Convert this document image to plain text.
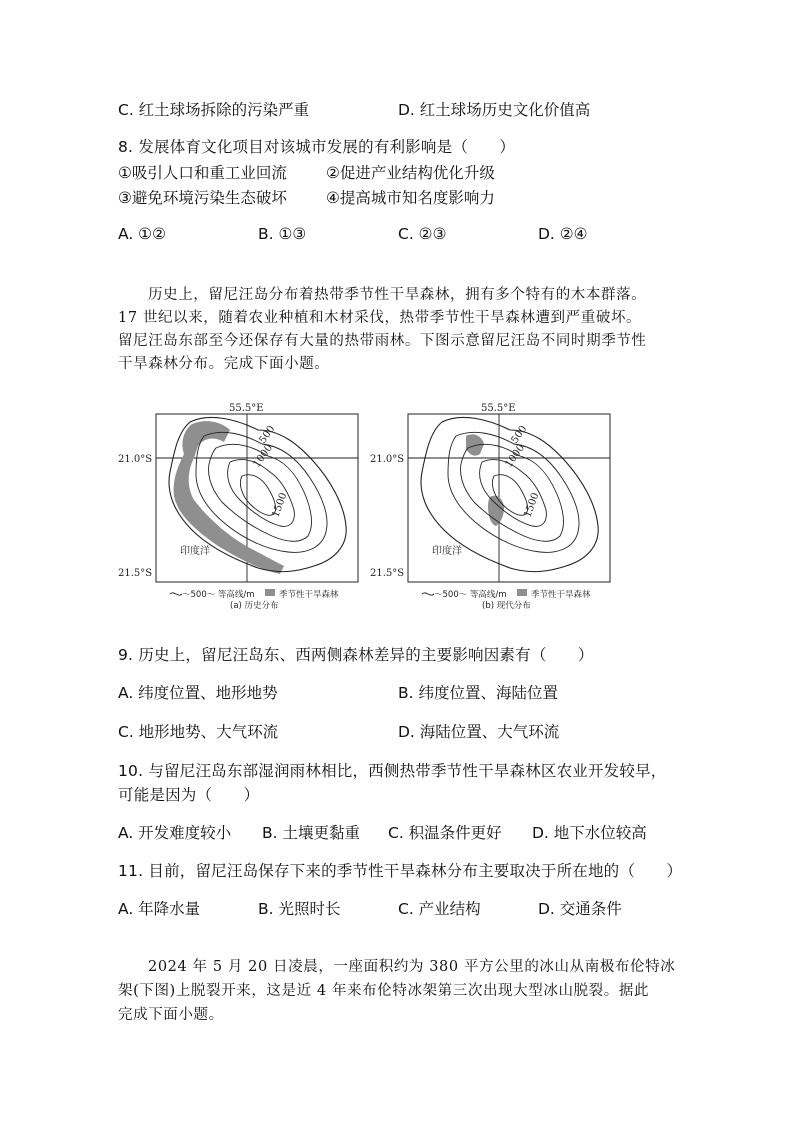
C. 红土球场拆除的污染严重	D. 红土球场历史文化价值高
8. 发展体育文化项目对该城市发展的有利影响是（　　）
①吸引人口和重工业回流	②促进产业结构优化升级
③避免环境污染生态破坏	④提高城市知名度影响力
A. ①②	B. ①③	C. ②③	D. ②④
历史上，留尼汪岛分布着热带季节性干旱森林，拥有多个特有的木本群落。
17 世纪以来，随着农业种植和木材采伐，热带季节性干旱森林遭到严重破坏。
留尼汪岛东部至今还保存有大量的热带雨林。下图示意留尼汪岛不同时期季节性
干旱森林分布。完成下面小题。
55.5°E
21.0°S
21.5°S
500
1000
1500
印度洋
～500～ 等高线/m	季节性干旱森林
(a) 历史分布
55.5°E
21.0°S
21.5°S
500
1000
1500
印度洋
～500～ 等高线/m	季节性干旱森林
(b) 现代分布
9. 历史上，留尼汪岛东、西两侧森林差异的主要影响因素有（　　）
A. 纬度位置、地形地势	B. 纬度位置、海陆位置
C. 地形地势、大气环流	D. 海陆位置、大气环流
10. 与留尼汪岛东部湿润雨林相比，西侧热带季节性干旱森林区农业开发较早，
可能是因为（　　）
A. 开发难度较小 B. 土壤更黏重 C. 积温条件更好 D. 地下水位较高
11. 目前，留尼汪岛保存下来的季节性干旱森林分布主要取决于所在地的（　　）
A. 年降水量	B. 光照时长	C. 产业结构	D. 交通条件
2024 年 5 月 20 日凌晨，一座面积约为 380 平方公里的冰山从南极布伦特冰
架(下图)上脱裂开来，这是近 4 年来布伦特冰架第三次出现大型冰山脱裂。据此
完成下面小题。
